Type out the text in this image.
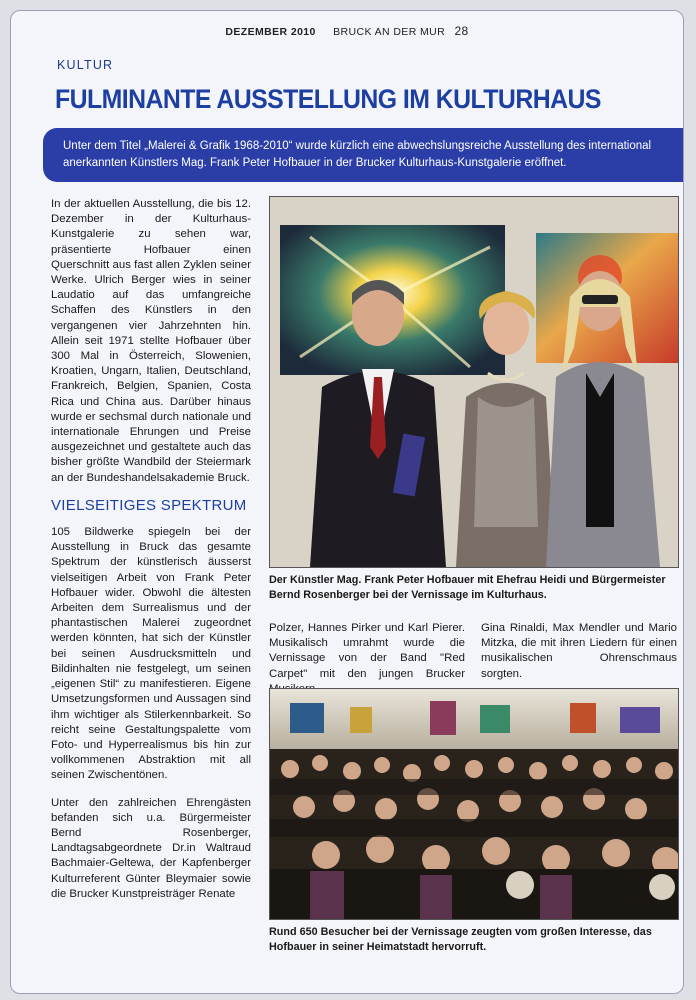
DEZEMBER 2010 BRUCK AN DER MUR 28
KULTUR
FULMINANTE AUSSTELLUNG IM KULTURHAUS
Unter dem Titel „Malerei & Grafik 1968-2010“ wurde kürzlich eine abwechslungsreiche Ausstellung des international anerkannten Künstlers Mag. Frank Peter Hofbauer in der Brucker Kulturhaus-Kunstgalerie eröffnet.

In der aktuellen Ausstellung, die bis 12. Dezember in der Kulturhaus-Kunstgalerie zu sehen war, präsentierte Hofbauer einen Querschnitt aus fast allen Zyklen seiner Werke. Ulrich Berger wies in seiner Laudatio auf das umfangreiche Schaffen des Künstlers in den vergangenen vier Jahrzehnten hin. Allein seit 1971 stellte Hofbauer über 300 Mal in Österreich, Slowenien, Kroatien, Ungarn, Italien, Deutschland, Frankreich, Belgien, Spanien, Costa Rica und China aus. Darüber hinaus wurde er sechsmal durch nationale und internationale Ehrungen und Preise ausgezeichnet und gestaltete auch das bisher größte Wandbild der Steiermark an der Bundeshandelsakademie Bruck.

VIELSEITIGES SPEKTRUM

105 Bildwerke spiegeln bei der Ausstellung in Bruck das gesamte Spektrum der künstlerisch äusserst vielseitigen Arbeit von Frank Peter Hofbauer wider. Obwohl die ältesten Arbeiten dem Surrealismus und der phantastischen Malerei zugeordnet werden könnten, hat sich der Künstler bei seinen Ausdrucksmitteln und Bildinhalten nie festgelegt, um seinen „eigenen Stil“ zu manifestieren. Eigene Umsetzungsformen und Aussagen sind ihm wichtiger als Stilerkennbarkeit. So reicht seine Gestaltungspalette vom Foto- und Hyperrealismus bis hin zur vollkommenen Abstraktion mit all seinen Zwischentönen.

Unter den zahlreichen Ehrengästen befanden sich u.a. Bürgermeister Bernd Rosenberger, Landtagsabgeordnete Dr.in Waltraud Bachmaier-Geltewa, der Kapfenberger Kulturreferent Günter Bleymaier sowie die Brucker Kunstpreisträger Renate

Der Künstler Mag. Frank Peter Hofbauer mit Ehefrau Heidi und Bürgermeister Bernd Rosenberger bei der Vernissage im Kulturhaus.
Polzer, Hannes Pirker und Karl Pierer. Musikalisch umrahmt wurde die Vernissage von der Band "Red Carpet" mit den jungen Brucker
Gina Rinaldi, Max Mendler und Mario Mitzka, die mit ihren Liedern für einen musikalischen Ohrenschmaus sorgten.
Rund 650 Besucher bei der Vernissage zeugten vom großen Interesse, das Hofbauer in seiner Heimatstadt hervorruft.
